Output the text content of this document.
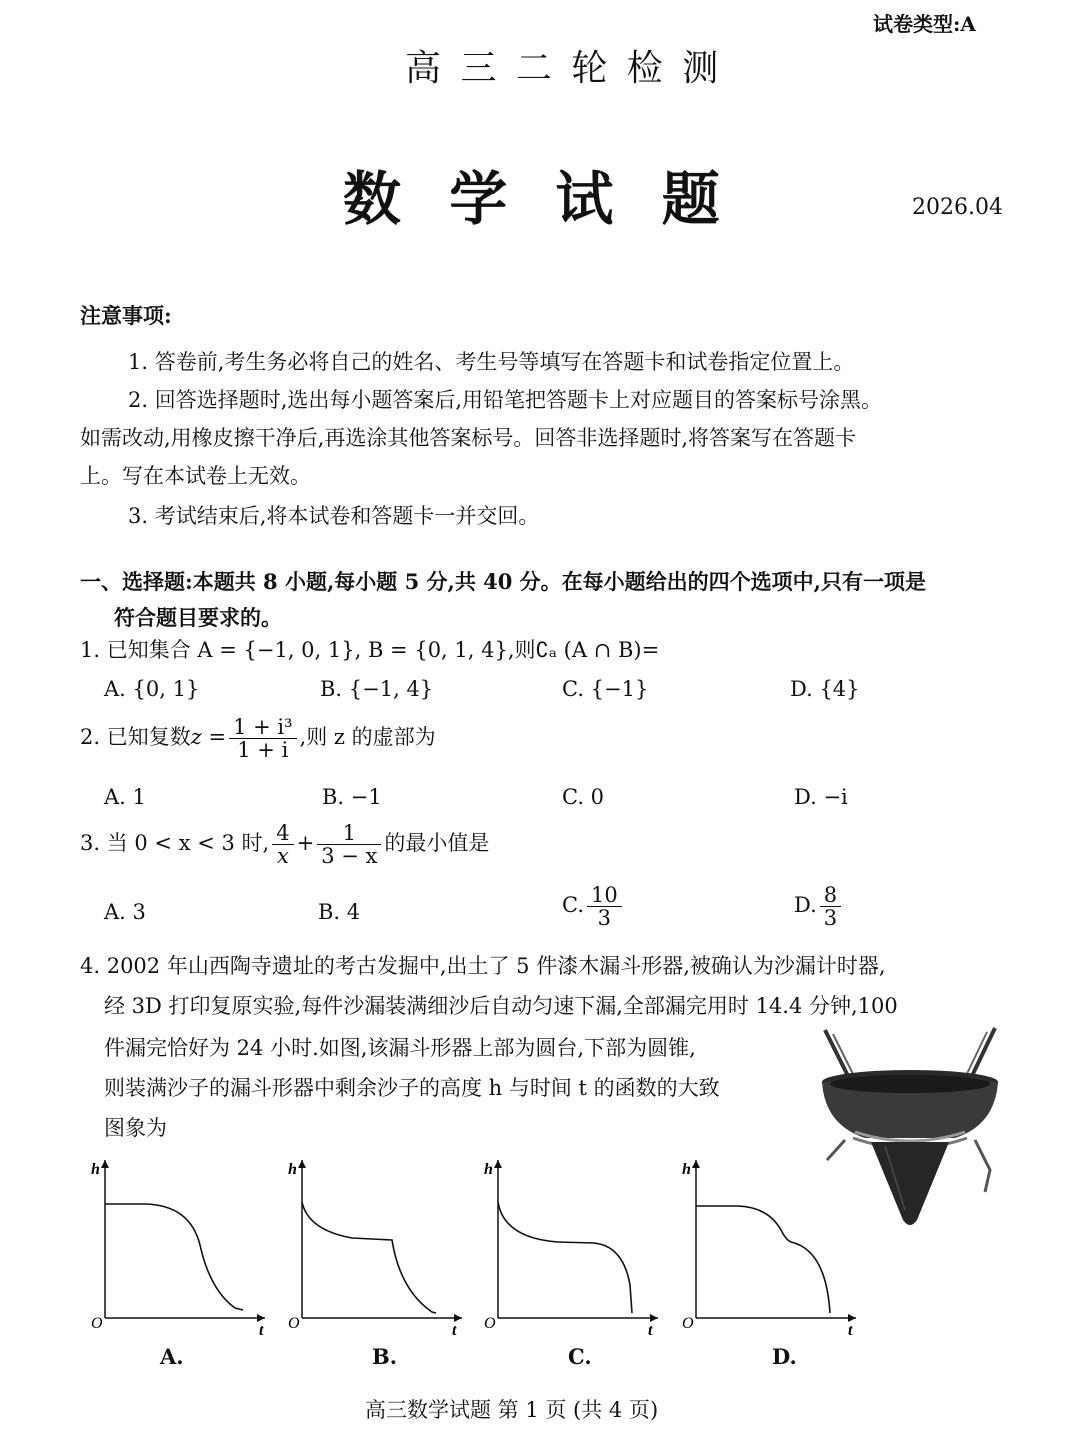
试卷类型:A
高 三 二 轮 检 测
数 学 试 题	2026.04
注意事项:
1. 答卷前,考生务必将自己的姓名、考生号等填写在答题卡和试卷指定位置上。
2. 回答选择题时,选出每小题答案后,用铅笔把答题卡上对应题目的答案标号涂黑。
如需改动,用橡皮擦干净后,再选涂其他答案标号。回答非选择题时,将答案写在答题卡
上。写在本试卷上无效。
3. 考试结束后,将本试卷和答题卡一并交回。
一、选择题:本题共 8 小题,每小题 5 分,共 40 分。在每小题给出的四个选项中,只有一项是
符合题目要求的。
1. 已知集合 A = {−1, 0, 1}, B = {0, 1, 4},则∁ₐ (A ∩ B)=
A. {0, 1}	B. {−1, 4}	C. {−1}	D. {4}
2. 已知复数$z = \frac{\text{1 + i³}}{1 + i}$ ,则 z 的虚部为
A. 1	B. −1	C. 0	D. −i
3. 当 0 < x < 3 时, $\frac{4}{x} + \frac{1}{3 - x}$ 的最小值是
A. 3	B. 4	C. $\frac{10}{3}$	D. $\frac{8}{3}$
4. 2002 年山西陶寺遗址的考古发掘中,出土了 5 件漆木漏斗形器,被确认为沙漏计时器,
经 3D 打印复原实验,每件沙漏装满细沙后自动匀速下漏,全部漏完用时 14.4 分钟,100
件漏完恰好为 24 小时.如图,该漏斗形器上部为圆台,下部为圆锥,
则装满沙子的漏斗形器中剩余沙子的高度 h 与时间 t 的函数的大致
图象为
h
O	t
A.
h
O	t
B.
h
O	t
C.
h
O	t
D.
高三数学试题 第 1 页 (共 4 页)
